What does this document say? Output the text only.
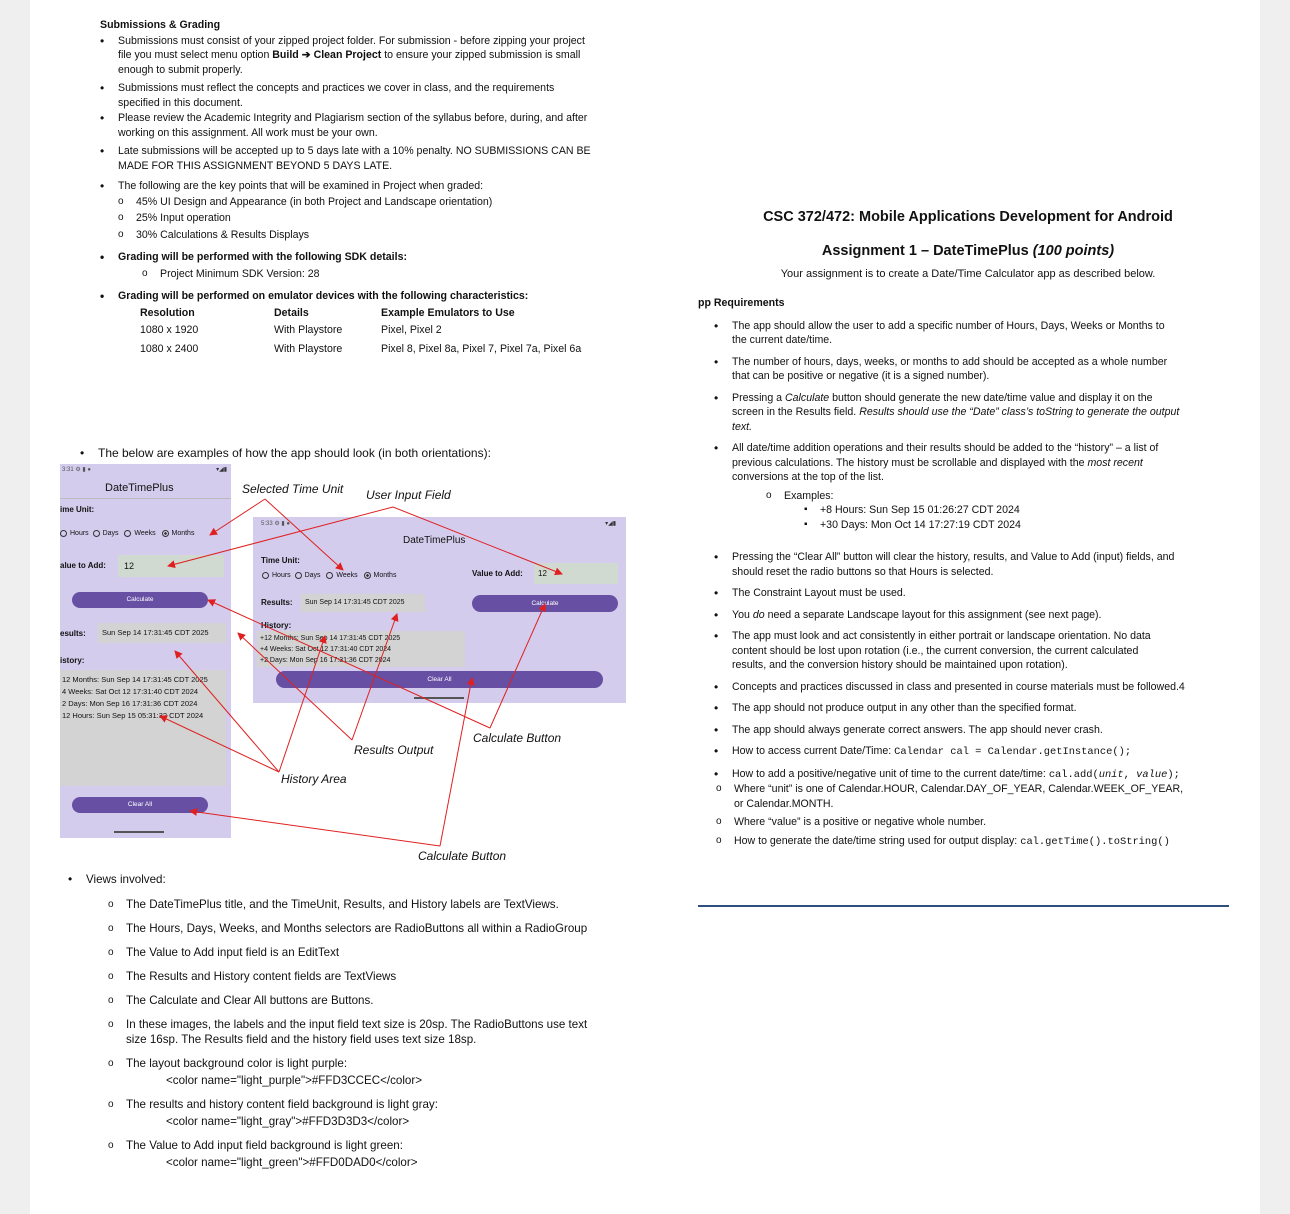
Submissions & Grading
• Submissions must consist of your zipped project folder. For submission - before zipping your project
file you must select menu option Build ➔ Clean Project to ensure your zipped submission is small
enough to submit properly.
• Submissions must reflect the concepts and practices we cover in class, and the requirements
specified in this document.
• Please review the Academic Integrity and Plagiarism section of the syllabus before, during, and after
working on this assignment. All work must be your own.
• Late submissions will be accepted up to 5 days late with a 10% penalty. NO SUBMISSIONS CAN BE
MADE FOR THIS ASSIGNMENT BEYOND 5 DAYS LATE.
• The following are the key points that will be examined in Project when graded:
o 45% UI Design and Appearance (in both Project and Landscape orientation)
o 25% Input operation
o 30% Calculations & Results Displays
• Grading will be performed with the following SDK details:
o Project Minimum SDK Version: 28
• Grading will be performed on emulator devices with the following characteristics:
Resolution	Details	Example Emulators to Use
1080 x 1920	With Playstore	Pixel, Pixel 2
1080 x 2400	With Playstore	Pixel 8, Pixel 8a, Pixel 7, Pixel 7a, Pixel 6a
• The below are examples of how the app should look (in both orientations):
3:31 ⚙ ▮ ●	▾◢▮
DateTimePlus
ime Unit:
Hours Days Weeks Months
alue to Add:	12
Calculate
esults:	Sun Sep 14 17:31:45 CDT 2025
istory:
12 Months: Sun Sep 14 17:31:45 CDT 2025
4 Weeks: Sat Oct 12 17:31:40 CDT 2024
2 Days: Mon Sep 16 17:31:36 CDT 2024
12 Hours: Sun Sep 15 05:31:32 CDT 2024
Clear All
5:33 ⚙ ▮ ●	▾◢▮
DateTimePlus
Time Unit:
Hours Days Weeks Months	Value to Add:	12
Results:	Sun Sep 14 17:31:45 CDT 2025	Calculate
History:
+12 Months: Sun Sep 14 17:31:45 CDT 2025
+4 Weeks: Sat Oct 12 17:31:40 CDT 2024
+2 Days: Mon Sep 16 17:31:36 CDT 2024
Clear All
Selected Time Unit User Input Field
Results Output
History Area
Calculate Button
Calculate Button
• Views involved:
o The DateTimePlus title, and the TimeUnit, Results, and History labels are TextViews.
o The Hours, Days, Weeks, and Months selectors are RadioButtons all within a RadioGroup
o The Value to Add input field is an EditText
o The Results and History content fields are TextViews
o The Calculate and Clear All buttons are Buttons.
o In these images, the labels and the input field text size is 20sp. The RadioButtons use text
size 16sp. The Results field and the history field uses text size 18sp.
o The layout background color is light purple:
<color name="light_purple">#FFD3CCEC</color>
o The results and history content field background is light gray:
<color name="light_gray">#FFD3D3D3</color>
o The Value to Add input field background is light green:
<color name="light_green">#FFD0DAD0</color>
CSC 372/472: Mobile Applications Development for Android
Assignment 1 – DateTimePlus (100 points)
Your assignment is to create a Date/Time Calculator app as described below.
pp Requirements
• The app should allow the user to add a specific number of Hours, Days, Weeks or Months to
the current date/time.
• The number of hours, days, weeks, or months to add should be accepted as a whole number
that can be positive or negative (it is a signed number).
• Pressing a Calculate button should generate the new date/time value and display it on the
screen in the Results field. Results should use the “Date” class’s toString to generate the output
text.
• All date/time addition operations and their results should be added to the “history” – a list of
previous calculations. The history must be scrollable and displayed with the most recent
conversions at the top of the list.
o Examples:
▪ +8 Hours: Sun Sep 15 01:26:27 CDT 2024
▪ +30 Days: Mon Oct 14 17:27:19 CDT 2024
• Pressing the “Clear All” button will clear the history, results, and Value to Add (input) fields, and
should reset the radio buttons so that Hours is selected.
• The Constraint Layout must be used.
• You do need a separate Landscape layout for this assignment (see next page).
• The app must look and act consistently in either portrait or landscape orientation. No data
content should be lost upon rotation (i.e., the current conversion, the current calculated
results, and the conversion history should be maintained upon rotation).
• Concepts and practices discussed in class and presented in course materials must be followed.4
• The app should not produce output in any other than the specified format.
• The app should always generate correct answers. The app should never crash.
• How to access current Date/Time: Calendar cal = Calendar.getInstance();
• How to add a positive/negative unit of time to the current date/time: cal.add(unit, value);
o Where “unit” is one of Calendar.HOUR, Calendar.DAY_OF_YEAR, Calendar.WEEK_OF_YEAR,
or Calendar.MONTH.
o Where “value” is a positive or negative whole number.
o How to generate the date/time string used for output display: cal.getTime().toString()
